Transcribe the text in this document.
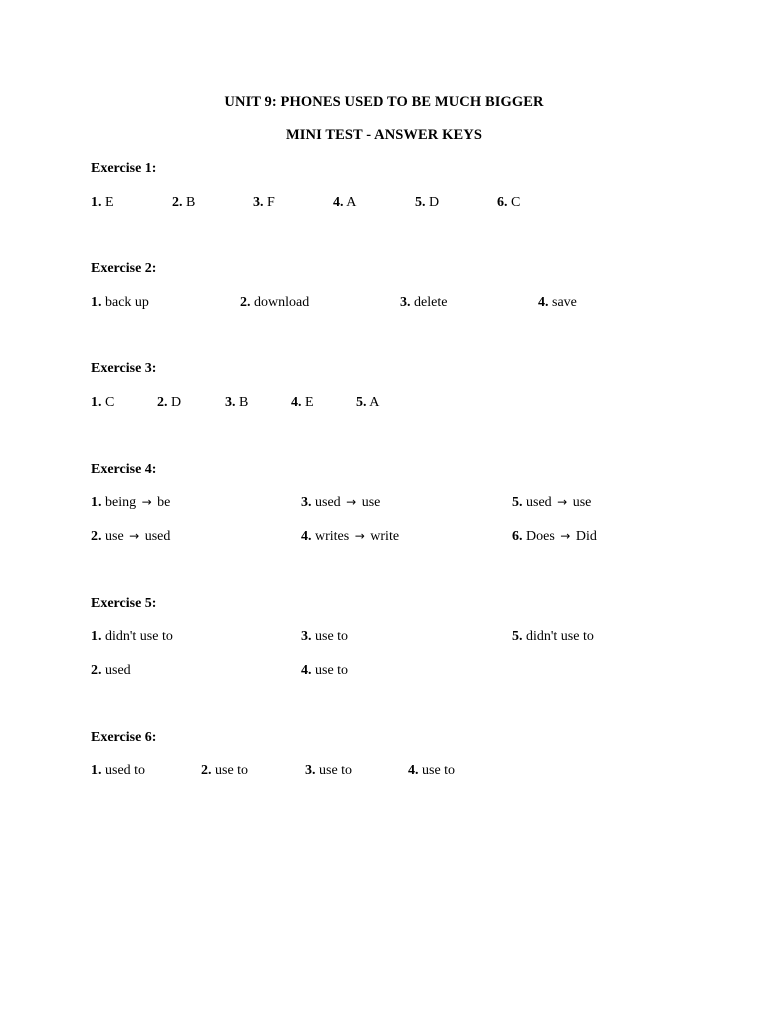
UNIT 9: PHONES USED TO BE MUCH BIGGER
MINI TEST - ANSWER KEYS
Exercise 1:
1. E	2. B	3. F	4. A	5. D	6. C
Exercise 2:
1. back up	2. download	3. delete	4. save
Exercise 3:
1. C	2. D	3. B	4. E	5. A
Exercise 4:
1. being → be	3. used → use	5. used → use
2. use → used	4. writes → write	6. Does → Did
Exercise 5:
1. didn't use to	3. use to	5. didn't use to
2. used	4. use to
Exercise 6:
1. used to	2. use to	3. use to	4. use to
